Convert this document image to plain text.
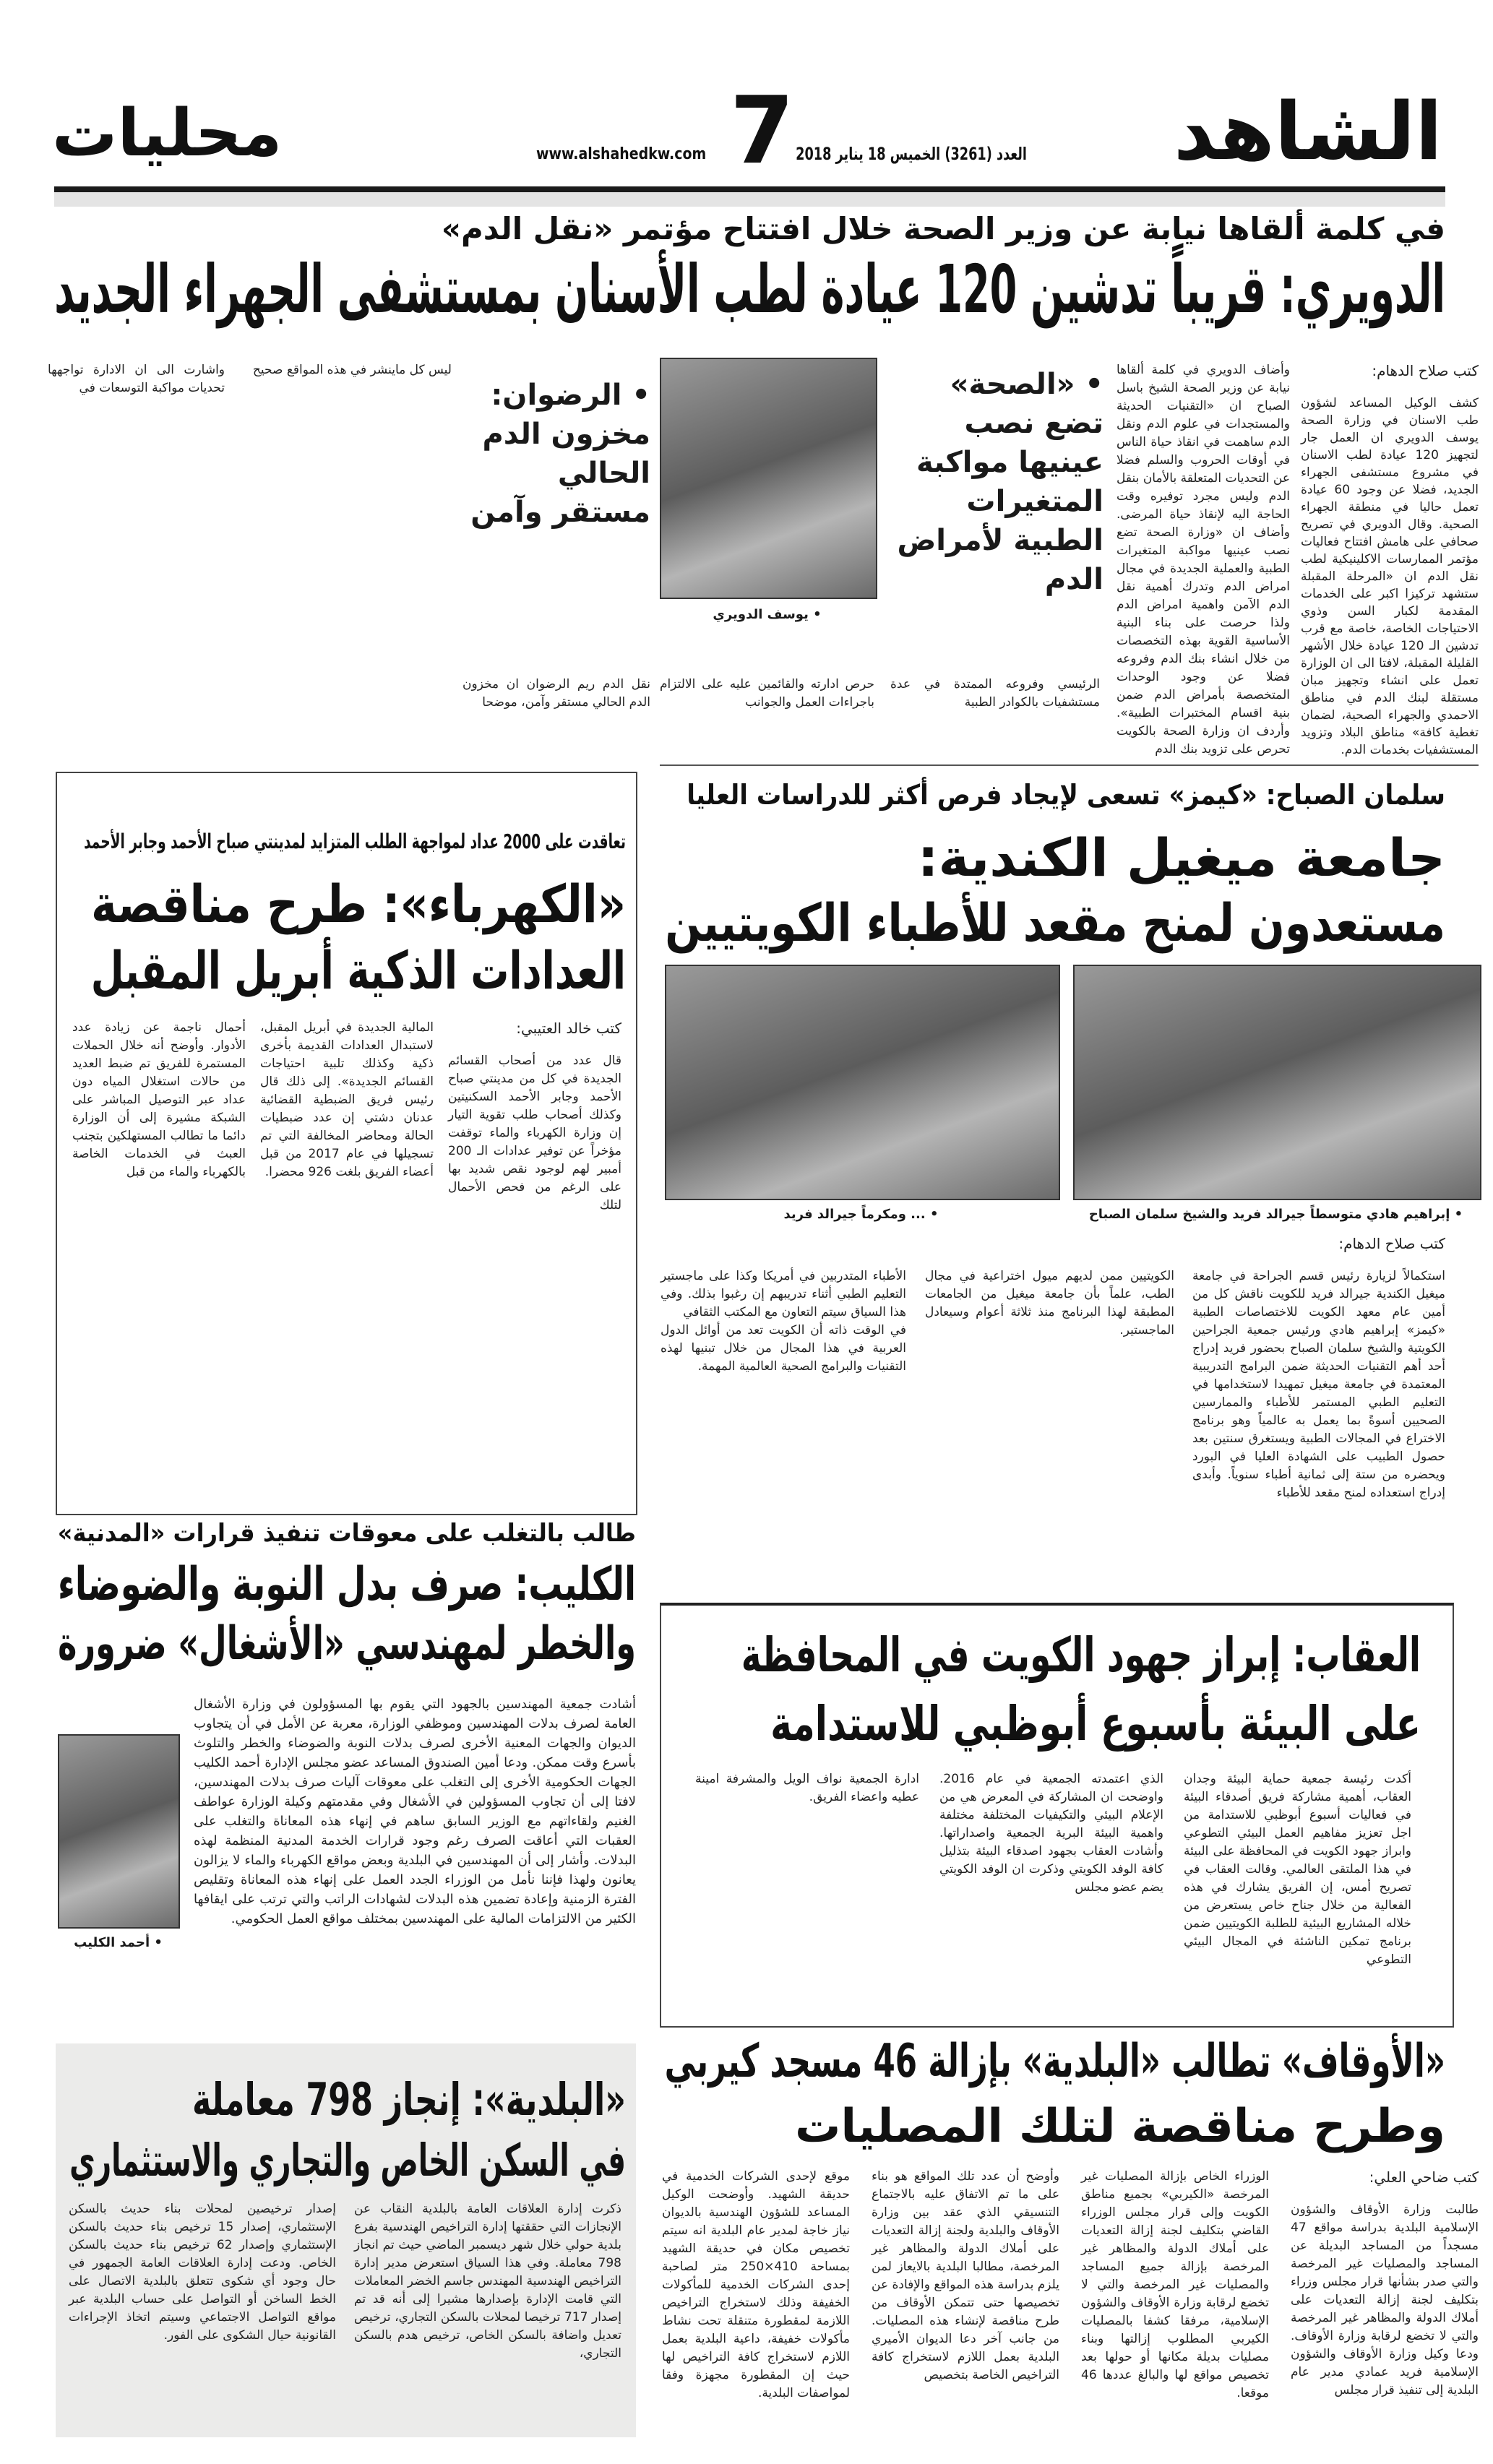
الشاهد
العدد (3261) الخميس 18 يناير 2018
7
www.alshahedkw.com
محليات
في كلمة ألقاها نيابة عن وزير الصحة خلال افتتاح مؤتمر «نقل الدم»
الدويري: قريباً تدشين 120 عيادة لطب الأسنان بمستشفى الجهراء الجديد

كتب صلاح الدهام:

كشف الوكيل المساعد لشؤون طب الاسنان في وزارة الصحة يوسف الدويري ان العمل جار لتجهيز 120 عيادة لطب الاسنان في مشروع مستشفى الجهراء الجديد، فضلا عن وجود 60 عيادة تعمل حاليا في منطقة الجهراء الصحية. وقال الدويري في تصريح صحافي على هامش افتتاح فعاليات مؤتمر الممارسات الاكلينيكية لطب نقل الدم ان «المرحلة المقبلة ستشهد تركيزا اكبر على الخدمات المقدمة لكبار السن وذوي الاحتياجات الخاصة، خاصة مع قرب تدشين الـ 120 عيادة خلال الأشهر القليلة المقبلة، لافتا الى ان الوزارة تعمل على انشاء وتجهيز مبان مستقلة لبنك الدم في مناطق الاحمدي والجهراء الصحية، لضمان تغطية كافة» مناطق البلاد وتزويد المستشفيات بخدمات الدم.

وأضاف الدويري في كلمة ألقاها نيابة عن وزير الصحة الشيخ باسل الصباح ان «التقنيات الحديثة والمستجدات في علوم الدم ونقل الدم ساهمت في انقاذ حياة الناس في أوقات الحروب والسلم فضلا عن التحديات المتعلقة بالأمان بنقل الدم وليس مجرد توفيره وقت الحاجة اليه لإنقاذ حياة المرضى. وأضاف ان «وزارة الصحة تضع نصب عينيها مواكبة المتغيرات الطبية والعملية الجديدة في مجال امراض الدم وتدرك أهمية نقل الدم الآمن واهمية امراض الدم ولذا حرصت على بناء البنية الأساسية القوية بهذه التخصصات من خلال انشاء بنك الدم وفروعه فضلا عن وجود الوحدات المتخصصة بأمراض الدم ضمن بنية اقسام المختبرات الطبية». وأردف ان وزارة الصحة بالكويت تحرص على تزويد بنك الدم

• «الصحة» تضع نصب عينيها مواكبة المتغيرات الطبية لأمراض الدم
• يوسف الدويري
• الرضوان: مخزون الدم الحالي مستقر وآمن

الرئيسي وفروعه الممتدة في عدة مستشفيات بالكوادر الطبية

حرص ادارته والقائمين عليه على الالتزام باجراءات العمل والجوانب

نقل الدم ريم الرضوان ان مخزون الدم الحالي مستقر وآمن، موضحا

ليس كل ماينشر في هذه المواقع صحيح

واشارت الى ان الادارة تواجهها تحديات مواكبة التوسعات في

سلمان الصباح: «كيمز» تسعى لإيجاد فرص أكثر للدراسات العليا
جامعة ميغيل الكندية:
مستعدون لمنح مقعد للأطباء الكويتيين
• إبراهيم هادي متوسطاً جيرالد فريد والشيخ سلمان الصباح
• ... ومكرماً جيرالد فريد

كتب صلاح الدهام:

استكمالاً لزيارة رئيس قسم الجراحة في جامعة ميغيل الكندية جيرالد فريد للكويت ناقش كل من أمين عام معهد الكويت للاختصاصات الطبية «كيمز» إبراهيم هادي ورئيس جمعية الجراحين الكويتية والشيخ سلمان الصباح بحضور فريد إدراج أحد أهم التقنيات الحديثة ضمن البرامج التدريبية المعتمدة في جامعة ميغيل تمهيدا لاستخدامها في التعليم الطبي المستمر للأطباء والممارسين الصحيين أسوةً بما يعمل به عالمياً وهو برنامج الاختراع في المجالات الطبية ويستغرق سنتين بعد حصول الطبيب على الشهادة العليا في البورد ويحضره من ستة إلى ثمانية أطباء سنوياً. وأبدى إدراج استعداده لمنح مقعد للأطباء

الكويتيين ممن لديهم ميول اختراعية في مجال الطب، علماً بأن جامعة ميغيل من الجامعات المطبقة لهذا البرنامج منذ ثلاثة أعوام وسيعادل الماجستير.

الأطباء المتدربين في أمريكا وكذا على ماجستير التعليم الطبي أثناء تدريبهم إن رغبوا بذلك. وفي هذا السياق سيتم التعاون مع المكتب الثقافي

في الوقت ذاته أن الكويت تعد من أوائل الدول العربية في هذا المجال من خلال تبنيها لهذه التقنيات والبرامج الصحية العالمية المهمة.

تعاقدت على 2000 عداد لمواجهة الطلب المتزايد لمدينتي صباح الأحمد وجابر الأحمد
«الكهرباء»: طرح مناقصة
العدادات الذكية أبريل المقبل

كتب خالد العتيبي:

قال عدد من أصحاب القسائم الجديدة في كل من مدينتي صباح الأحمد وجابر الأحمد السكنيتين وكذلك أصحاب طلب تقوية التيار إن وزارة الكهرباء والماء توقفت مؤخراً عن توفير عدادات الـ 200 أمبير لهم لوجود نقص شديد بها على الرغم من فحص الأحمال لتلك

المالية الجديدة في أبريل المقبل، لاستبدال العدادات القديمة بأخرى ذكية وكذلك تلبية احتياجات القسائم الجديدة». إلى ذلك قال رئيس فريق الضبطية القضائية عدنان دشتي إن عدد ضبطيات الحالة ومحاضر المخالفة التي تم تسجيلها في عام 2017 من قبل أعضاء الفريق بلغت 926 محضرا.

أحمال ناجمة عن زيادة عدد الأدوار. وأوضح أنه خلال الحملات المستمرة للفريق تم ضبط العديد من حالات استغلال المياه دون عداد عبر التوصيل المباشر على الشبكة مشيرة إلى أن الوزارة دائما ما تطالب المستهلكين بتجنب العبث في الخدمات الخاصة بالكهرباء والماء من قبل

طالب بالتغلب على معوقات تنفيذ قرارات «المدنية»
الكليب: صرف بدل النوبة والضوضاء
والخطر لمهندسي «الأشغال» ضرورة
• أحمد الكليب

أشادت جمعية المهندسين بالجهود التي يقوم بها المسؤولون في وزارة الأشغال العامة لصرف بدلات المهندسين وموظفي الوزارة، معربة عن الأمل في أن يتجاوب الديوان والجهات المعنية الأخرى لصرف بدلات النوبة والضوضاء والخطر والتلوث بأسرع وقت ممكن. ودعا أمين الصندوق المساعد عضو مجلس الإدارة أحمد الكليب الجهات الحكومية الأخرى إلى التغلب على معوقات آليات صرف بدلات المهندسين، لافتا إلى أن تجاوب المسؤولين في الأشغال وفي مقدمتهم وكيلة الوزارة عواطف الغنيم ولقاءاتهم مع الوزير السابق ساهم في إنهاء هذه المعاناة والتغلب على العقبات التي أعاقت الصرف رغم وجود قرارات الخدمة المدنية المنظمة لهذه البدلات. وأشار إلى أن المهندسين في البلدية وبعض مواقع الكهرباء والماء لا يزالون يعانون ولهذا فإننا نأمل من الوزراء الجدد العمل على إنهاء هذه المعاناة وتقليص الفترة الزمنية وإعادة تضمين هذه البدلات لشهادات الراتب والتي ترتب على ايقافها الكثير من الالتزامات المالية على المهندسين بمختلف مواقع العمل الحكومي.

العقاب: إبراز جهود الكويت في المحافظة
على البيئة بأسبوع أبوظبي للاستدامة

أكدت رئيسة جمعية حماية البيئة وجدان العقاب، أهمية مشاركة فريق أصدقاء البيئة في فعاليات أسبوع أبوظبي للاستدامة من اجل تعزيز مفاهيم العمل البيئي التطوعي وابراز جهود الكويت في المحافظة على البيئة في هذا الملتقى العالمي. وقالت العقاب في تصريح أمس، إن الفريق يشارك في هذه الفعالية من خلال جناح خاص يستعرض من خلاله المشاريع البيئية للطلبة الكويتيين ضمن برنامج تمكين الناشئة في المجال البيئي التطوعي

الذي اعتمدته الجمعية في عام 2016. واوضحت ان المشاركة في المعرض هي من الإعلام البيئي والتكيفيات المختلفة مختلفة واهمية البيئة البرية الجمعية واصداراتها. وأشادت العقاب بجهود اصدقاء البيئة بتذليل كافة الوفد الكويتي وذكرت ان الوفد الكويتي يضم عضو مجلس

ادارة الجمعية نواف الويل والمشرفة امينة عطيه واعضاء الفريق.

«الأوقاف» تطالب «البلدية» بإزالة 46 مسجد كيربي
وطرح مناقصة لتلك المصليات

كتب ضاحي العلي:

طالبت وزارة الأوقاف والشؤون الإسلامية البلدية بدراسة مواقع 47 مسجداً من المساجد البديلة عن المساجد والمصليات غير المرخصة والتي صدر بشأنها قرار مجلس وزراء بتكليف لجنة إزالة التعديات على أملاك الدولة والمظاهر غير المرخصة والتي لا تخضع لرقابة وزارة الأوقاف. ودعا وكيل وزارة الأوقاف والشؤون الإسلامية فريد عمادي مدير عام البلدية إلى تنفيذ قرار مجلس

الوزراء الخاص بإزالة المصليات غير المرخصة «الكيربي» بجميع مناطق الكويت وإلى قرار مجلس الوزراء القاضي بتكليف لجنة إزالة التعديات على أملاك الدولة والمظاهر غير المرخصة بإزالة جميع المساجد والمصليات غير المرخصة والتي لا تخضع لرقابة وزارة الأوقاف والشؤون الإسلامية، مرفقا كشفا بالمصليات الكيربي المطلوب إزالتها وبناء مصليات بديلة مكانها أو حولها بعد تخصيص مواقع لها والبالغ عددها 46 موقعا.

وأوضح أن عدد تلك المواقع هو بناء على ما تم الاتفاق عليه بالاجتماع التنسيقي الذي عقد بين وزارة الأوقاف والبلدية ولجنة إزالة التعديات على أملاك الدولة والمظاهر غير المرخصة، مطالبا البلدية بالايعاز لمن يلزم بدراسة هذه المواقع والإفادة عن تخصيصها حتى تتمكن الأوقاف من طرح مناقصة لإنشاء هذه المصليات. من جانب آخر دعا الديوان الأميري البلدية بعمل اللازم لاستخراج كافة التراخيص الخاصة بتخصيص

موقع لإحدى الشركات الخدمية في حديقة الشهيد. وأوضحت الوكيل المساعد للشؤون الهندسية بالديوان نياز خاجة لمدير عام البلدية انه سيتم تخصيص مكان في حديقة الشهيد بمساحة 410×250 متر لصاحبة إحدى الشركات الخدمية للمأكولات الخفيفة وذلك لاستخراج التراخيص اللازمة لمقطورة متنقلة تحت نشاط مأكولات خفيفة، داعية البلدية بعمل اللازم لاستخراج كافة التراخيص لها حيث إن المقطورة مجهزة وفقا لمواصفات البلدية.

«البلدية»: إنجاز 798 معاملة
في السكن الخاص والتجاري والاستثماري

ذكرت إدارة العلاقات العامة بالبلدية النقاب عن الإنجازات التي حققتها إدارة التراخيص الهندسية بفرع بلدية حولي خلال شهر ديسمبر الماضي حيث تم انجاز 798 معاملة. وفي هذا السياق استعرض مدير إدارة التراخيص الهندسية المهندس جاسم الخضر المعاملات التي قامت الإدارة بإصدارها مشيرا إلى أنه قد تم إصدار 717 ترخيصا لمحلات بالسكن التجاري، ترخيص تعديل واضافة بالسكن الخاص، ترخيص هدم بالسكن التجاري،

إصدار ترخيصين لمحلات بناء حديث بالسكن الإستثماري، إصدار 15 ترخيص بناء حديث بالسكن الإستثماري وإصدار 62 ترخيص بناء حديث بالسكن الخاص. ودعت إدارة العلاقات العامة الجمهور في حال وجود أي شكوى تتعلق بالبلدية الاتصال على الخط الساخن أو التواصل على حساب البلدية عبر مواقع التواصل الاجتماعي وسيتم اتخاذ الإجراءات القانونية حيال الشكوى على الفور.
